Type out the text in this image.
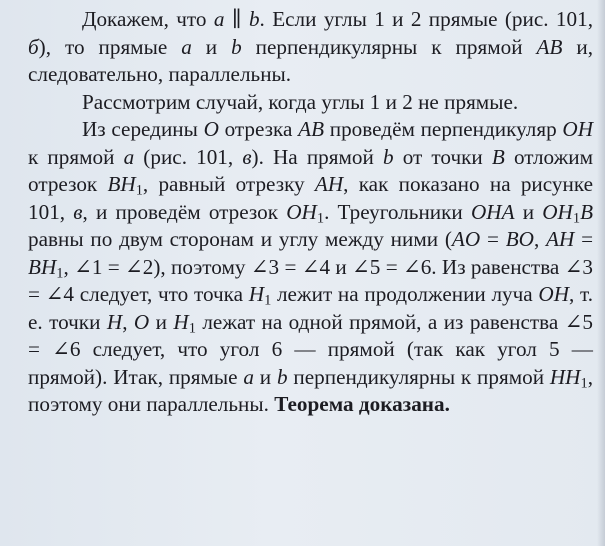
Докажем, что a ∥ b. Если углы 1 и 2 прямые (рис. 101, б), то прямые a и b перпендикулярны к прямой AB и, следовательно, параллельны.

Рассмотрим случай, когда углы 1 и 2 не прямые.

Из середины O отрезка AB проведём перпендикуляр OH к прямой a (рис. 101, в). На прямой b от точки B отложим отрезок $BH_1$, равный отрезку AH, как показано на рисунке 101, в, и проведём отрезок $OH_1$. Треугольники OHA и $OH_1B$ равны по двум сторонам и углу между ними (AO = BO, AH = $BH_1$, ∠1 = ∠2), поэтому ∠3 = ∠4 и ∠5 = ∠6. Из равенства ∠3 = ∠4 следует, что точка $H_1$ лежит на продолжении луча OH, т. е. точки H, O и $H_1$ лежат на одной прямой, а из равенства ∠5 = ∠6 следует, что угол 6 — прямой (так как угол 5 — прямой). Итак, прямые a и b перпендикулярны к прямой $HH_1$, поэтому они параллельны. Теорема доказана.
